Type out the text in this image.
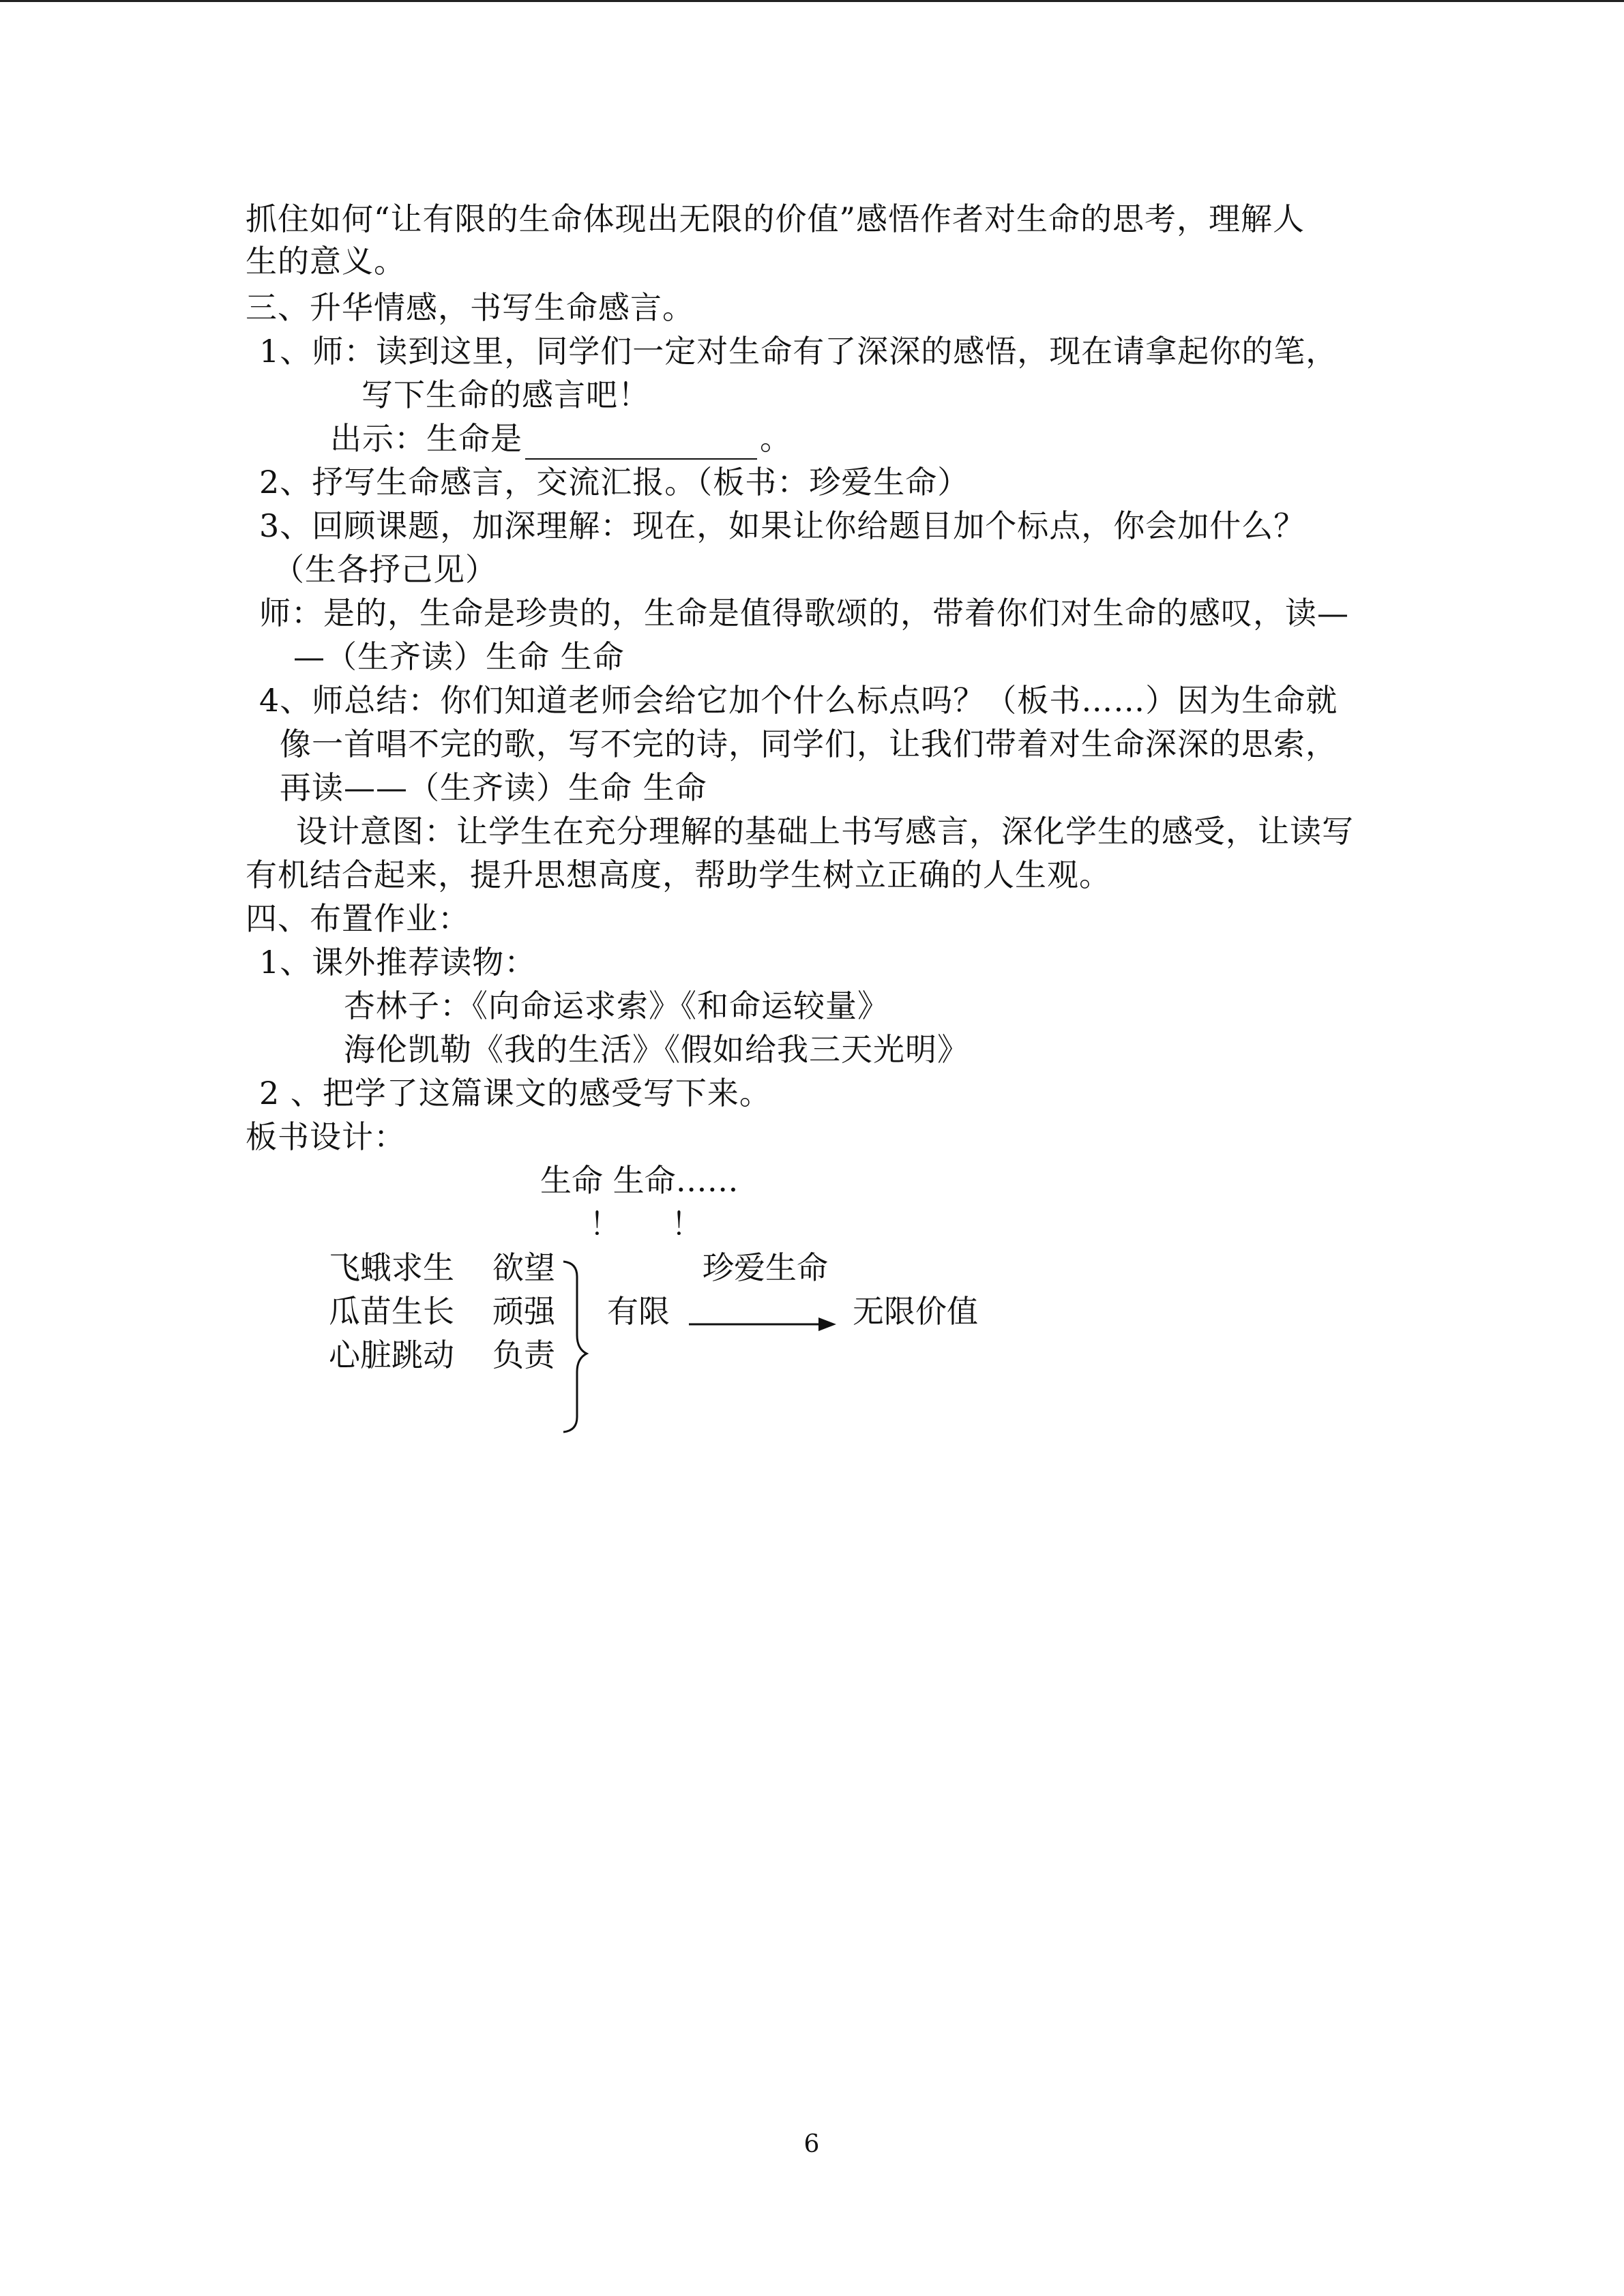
抓住如何“让有限的生命体现出无限的价值”感悟作者对生命的思考，理解人
生的意义。
三、升华情感，书写生命感言。
1、师：读到这里，同学们一定对生命有了深深的感悟，现在请拿起你的笔，
写下生命的感言吧！
出示：生命是	。
2、抒写生命感言，交流汇报。（板书：珍爱生命）
3、回顾课题，加深理解：现在，如果让你给题目加个标点，你会加什么？
（生各抒己见）
师：是的，生命是珍贵的，生命是值得歌颂的，带着你们对生命的感叹，读—
—（生齐读）生命 生命
4、师总结：你们知道老师会给它加个什么标点吗？（板书……）因为生命就
像一首唱不完的歌，写不完的诗，同学们，让我们带着对生命深深的思索，
再读——（生齐读）生命 生命
设计意图：让学生在充分理解的基础上书写感言，深化学生的感受，让读写
有机结合起来，提升思想高度，帮助学生树立正确的人生观。
四、布置作业：
1、课外推荐读物：
杏林子：《向命运求索》《和命运较量》
海伦凯勒《我的生活》《假如给我三天光明》
2 、把学了这篇课文的感受写下来。
板书设计：
生命 生命……
！ ！
飞蛾求生 欲望
瓜苗生长 顽强
心脏跳动 负责
有限
珍爱生命
无限价值
6
